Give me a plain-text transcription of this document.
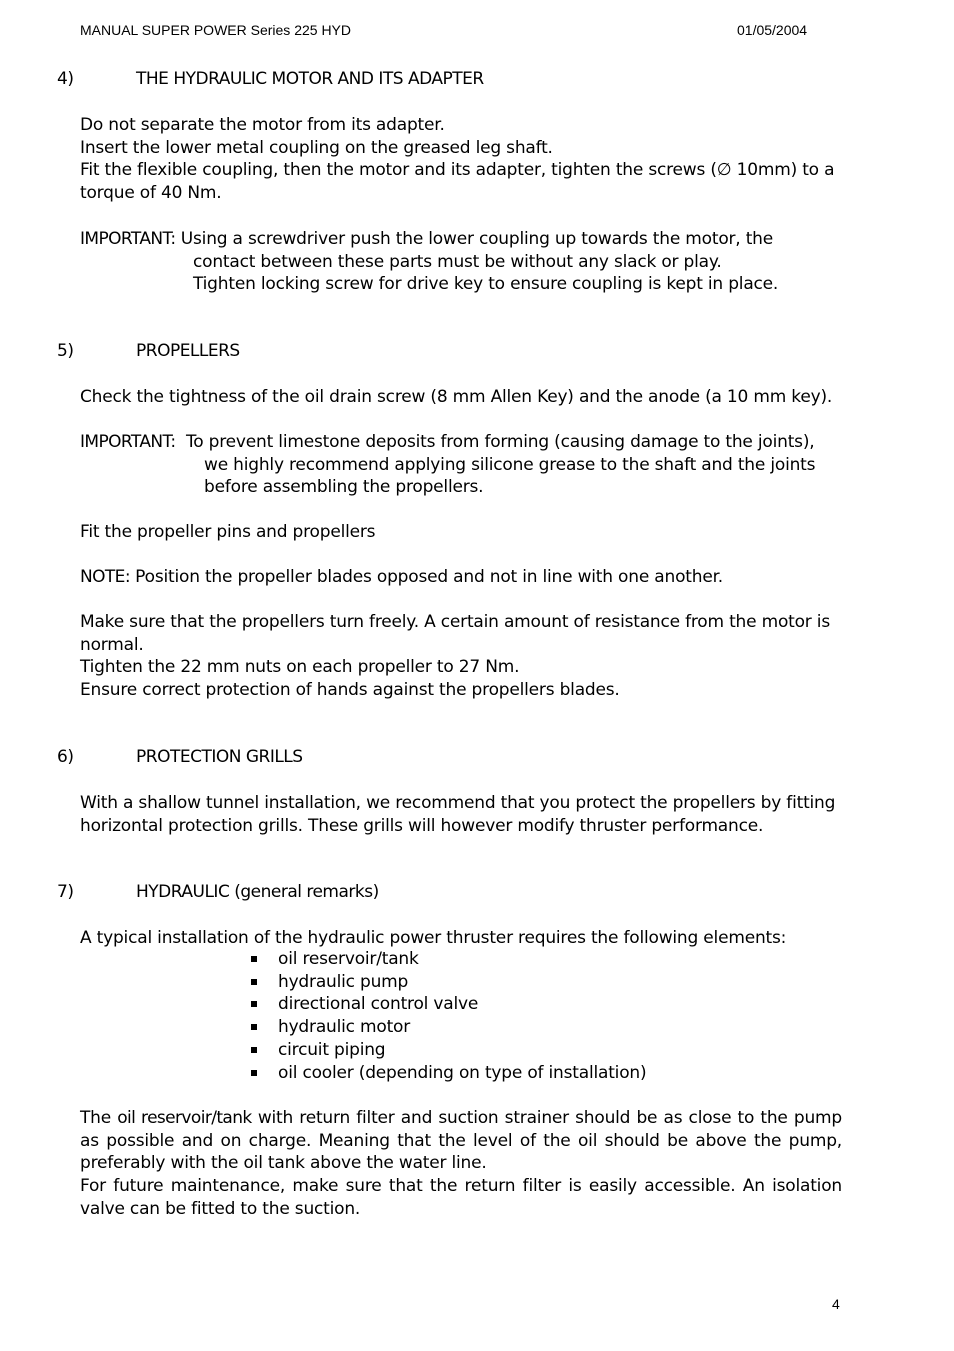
MANUAL SUPER POWER Series 225 HYD	01/05/2004
4)	THE HYDRAULIC MOTOR AND ITS ADAPTER
Do not separate the motor from its adapter.
Insert the lower metal coupling on the greased leg shaft.
Fit the flexible coupling, then the motor and its adapter, tighten the screws (∅ 10mm) to a
torque of 40 Nm.
IMPORTANT: Using a screwdriver push the lower coupling up towards the motor, the
contact between these parts must be without any slack or play.
Tighten locking screw for drive key to ensure coupling is kept in place.
5)	PROPELLERS
Check the tightness of the oil drain screw (8 mm Allen Key) and the anode (a 10 mm key).
IMPORTANT: To prevent limestone deposits from forming (causing damage to the joints),
we highly recommend applying silicone grease to the shaft and the joints
before assembling the propellers.
Fit the propeller pins and propellers
NOTE: Position the propeller blades opposed and not in line with one another.
Make sure that the propellers turn freely. A certain amount of resistance from the motor is
normal.
Tighten the 22 mm nuts on each propeller to 27 Nm.
Ensure correct protection of hands against the propellers blades.
6)	PROTECTION GRILLS
With a shallow tunnel installation, we recommend that you protect the propellers by fitting
horizontal protection grills. These grills will however modify thruster performance.
7)	HYDRAULIC (general remarks)
A typical installation of the hydraulic power thruster requires the following elements:
oil reservoir/tank
hydraulic pump
directional control valve
hydraulic motor
circuit piping
oil cooler (depending on type of installation)
The oil reservoir/tank with return filter and suction strainer should be as close to the pump as possible and on charge. Meaning that the level of the oil should be above the pump, preferably with the oil tank above the water line.
For future maintenance, make sure that the return filter is easily accessible. An isolation valve can be fitted to the suction.
4
